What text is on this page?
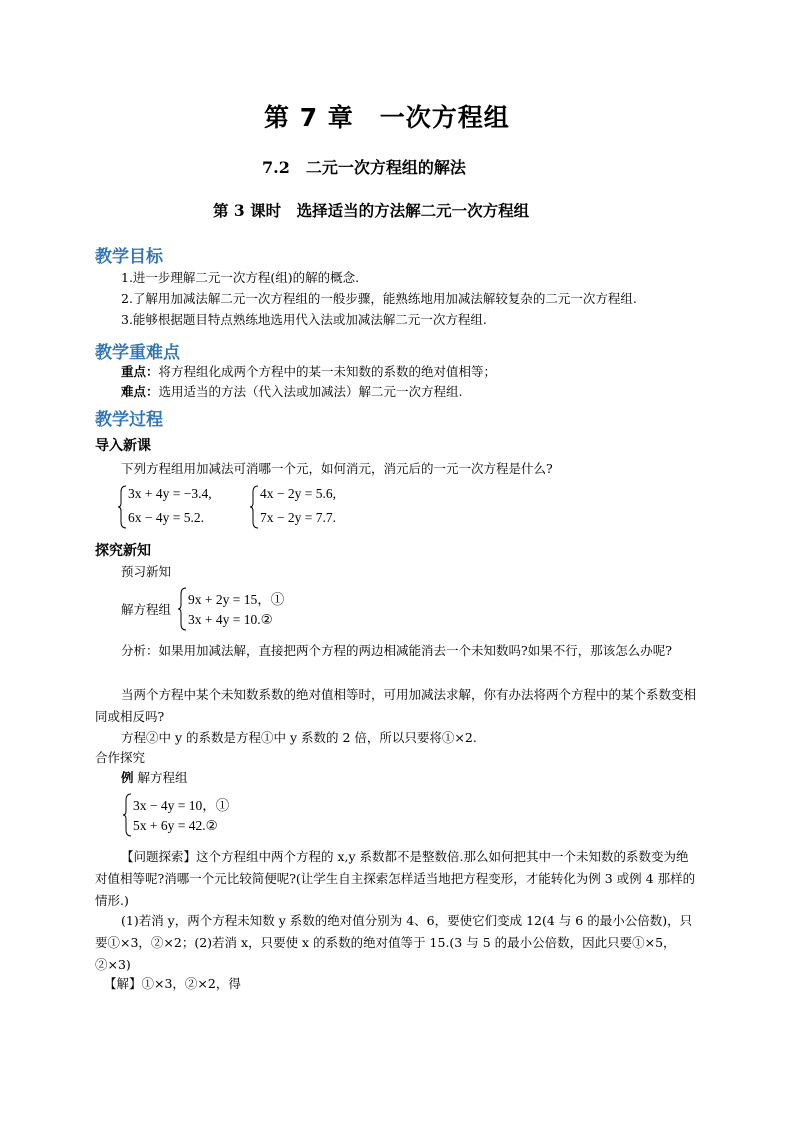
第 7 章　一次方程组
7.2　二元一次方程组的解法
第 3 课时　选择适当的方法解二元一次方程组
教学目标
1.进一步理解二元一次方程(组)的解的概念.
2.了解用加减法解二元一次方程组的一般步骤，能熟练地用加减法解较复杂的二元一次方程组.
3.能够根据题目特点熟练地选用代入法或加减法解二元一次方程组.
教学重难点
重点：将方程组化成两个方程中的某一未知数的系数的绝对值相等；
难点：选用适当的方法（代入法或加减法）解二元一次方程组.
教学过程
导入新课
下列方程组用加减法可消哪一个元，如何消元，消元后的一元一次方程是什么?
3x + 4y = −3.4,
6x − 4y = 5.2.
4x − 2y = 5.6,
7x − 2y = 7.7.
探究新知
预习新知
解方程组
9x + 2y = 15，①
3x + 4y = 10.②
分析：如果用加减法解，直接把两个方程的两边相减能消去一个未知数吗?如果不行，那该怎么办呢?
当两个方程中某个未知数系数的绝对值相等时，可用加减法求解，你有办法将两个方程中的某个系数变相同或相反吗?
方程②中 y 的系数是方程①中 y 系数的 2 倍，所以只要将①×2.
合作探究
例 解方程组
3x − 4y = 10，①
5x + 6y = 42.②
【问题探索】这个方程组中两个方程的 x,y 系数都不是整数倍.那么如何把其中一个未知数的系数变为绝对值相等呢?消哪一个元比较简便呢?(让学生自主探索怎样适当地把方程变形，才能转化为例 3 或例 4 那样的情形.)
(1)若消 y，两个方程未知数 y 系数的绝对值分别为 4、6，要使它们变成 12(4 与 6 的最小公倍数)，只要①×3，②×2；(2)若消 x，只要使 x 的系数的绝对值等于 15.(3 与 5 的最小公倍数，因此只要①×5，②×3)
【解】①×3，②×2，得
